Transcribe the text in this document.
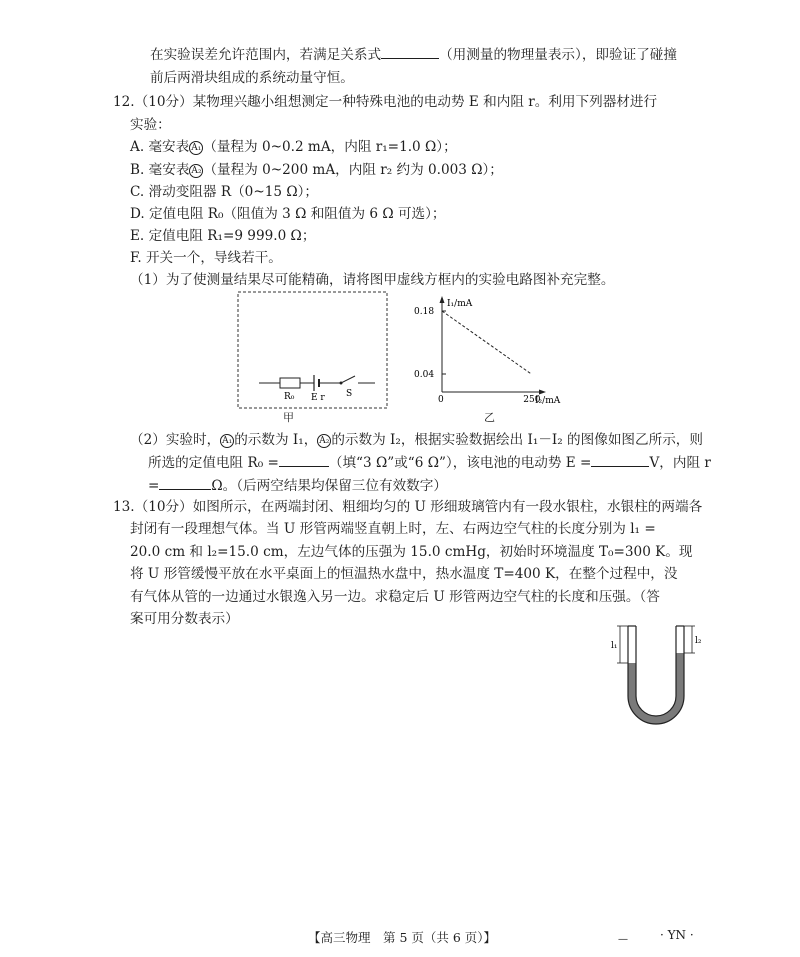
在实验误差允许范围内，若满足关系式	（用测量的物理量表示），即验证了碰撞
前后两滑块组成的系统动量守恒。
12.（10分）某物理兴趣小组想测定一种特殊电池的电动势 E 和内阻 r。利用下列器材进行
实验：
A. 毫安表 A₁ （量程为 0~0.2 mA，内阻 r₁=1.0 Ω）；
B. 毫安表 A₂ （量程为 0~200 mA，内阻 r₂ 约为 0.003 Ω）；
C. 滑动变阻器 R（0~15 Ω）；
D. 定值电阻 R₀（阻值为 3 Ω 和阻值为 6 Ω 可选）；
E. 定值电阻 R₁=9 999.0 Ω；
F. 开关一个，导线若干。
（1）为了使测量结果尽可能精确，请将图甲虚线方框内的实验电路图补充完整。
R₀ E r S
甲
I₁/mA
0.18
0.04
0	250
I₂/mA
乙
（2）实验时， A₁ 的示数为 I₁， A₂ 的示数为 I₂，根据实验数据绘出 I₁－I₂ 的图像如图乙所示，则
所选的定值电阻 R₀ =	（填“3 Ω”或“6 Ω”），该电池的电动势 E =	V，内阻 r
=	Ω。（后两空结果均保留三位有效数字）
13.（10分）如图所示，在两端封闭、粗细均匀的 U 形细玻璃管内有一段水银柱，水银柱的两端各
封闭有一段理想气体。当 U 形管两端竖直朝上时，左、右两边空气柱的长度分别为 l₁ =
20.0 cm 和 l₂=15.0 cm，左边气体的压强为 15.0 cmHg，初始时环境温度 T₀=300 K。现
将 U 形管缓慢平放在水平桌面上的恒温热水盘中，热水温度 T=400 K，在整个过程中，没
有气体从管的一边通过水银逸入另一边。求稳定后 U 形管两边空气柱的长度和压强。（答
案可用分数表示）
l₁	l₂
【高三物理　第 5 页（共 6 页）】	—	· YN ·
